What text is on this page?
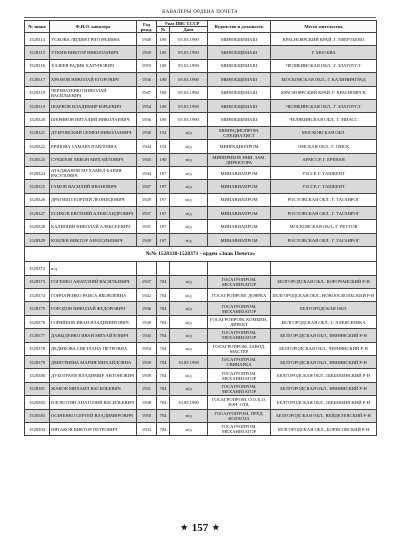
КАВАЛЕРЫ ОРДЕНА ПОЧЕТА
№ знака	Ф.И.О. кавалера	Год рожд.	Указ ПВС СССР		Ведомство и должность	Место жительства
			№	Дата		
1528314	УСКОВА ЛИДИЯ ГРИГОРЬЕВНА	1940	100	05.03.1990	МИНОБЩЕМАШ	КРАСНОЯРСКИЙ КРАЙ, Г. ЕВЕРТЬЕВО
1528315	УТКИН ВИКТОР НИКОЛАЕВИЧ	1939	100	05.03.1990	МИНОБЩЕМАШ	Г. МОСКВА
1528316	ХАЗЕЕВ РАДИК ХАРУНОВИЧ	1955	100	05.03.1990	МИНОБЩЕМАШ	ЧЕЛЯБИНСКАЯ ОБЛ., Г. ЗЛАТОУСТ
1528317	ХРАМОВ НИКОЛАЙ ЕГОРОВИЧ	1936	100	05.03.1990	МИНОБЩЕМАШ	МОСКОВСКАЯ ОБЛ., Г. КАЛИНИНГРАД
1528318	ЧЕРЕВАТЕНКО НИКОЛАЙ ВАСИЛЬЕВИЧ	1947	100	05.03.1990	МИНОБЩЕМАШ	КРАСНОЯРСКИЙ КРАЙ, Г. КРАСНОЯРСК
1528319	ШАРКОВ ВЛАДИМИР ЮРЬЕВИЧ	1954	100	05.03.1990	МИНОБЩЕМАШ	ЧЕЛЯБИНСКАЯ ОБЛ., Г. ЗЛАТОУСТ
1528320	ШЕРИНОВ ВИТАЛИЙ НИКОЛАЕВИЧ	1936	100	05.03.1990	МИНОБЩЕМАШ	ЧЕЛЯБИНСКАЯ ОБЛ., Г. МИАСС
1528321	ДУБРОВСКИЙ СЕМЕН НИКОЛАЕВИЧ	1930	154	н/д	МИНРАДИОПРОМ, СПЕЦИАЛИСТ	МОСКОВСКАЯ ОБЛ.
1528322	ЕРШОВА ТАМАРА ПАВЛОВНА	1944	154	н/д	МИНРАДИОПРОМ	ОМСКАЯ ОБЛ., Г. ОМСК
1528323	СУКИЗОВ ЛЕВОН МИХАЙЛОВИЧ	1945	190	н/д	МИНПРИБОР, НИИ, ЗАМ. ДИРЕКТОРА	АРМССР, Г. ЕРЕВАН
1528324	АТАДЖАНОВ МУХАМЕД-БАРИЯ РАСУЛОВИЧ	1944	197	н/д	МИНАВИАПРОМ	УЗССР, Г. ТАШКЕНТ
1528325	ГАМОВ ВАСИЛИЙ ИВАНОВИЧ	1947	197	н/д	МИНАВИАПРОМ	УЗССР, Г. ТАШКЕНТ
1528326	ДРАГИШ ГЕОРГИЙ ЛЕОНИДОВИЧ	1929	197	н/д	МИНАВИАПРОМ	РОСТОВСКАЯ ОБЛ., Г. ТАГАНРОГ
1528327	ЕСИКОВ ЕВГЕНИЙ АЛЕКСАНДРОВИЧ	1937	197	н/д	МИНАВИАПРОМ	РОСТОВСКАЯ ОБЛ., Г. ТАГАНРОГ
1528328	КАЛИШИН НИКОЛАЙ АЛЕКСЕЕВИЧ	1931	197	н/д	МИНАВИАПРОМ	МОСКОВСКАЯ ОБЛ., Г. РЕУТОВ
1528329	КОБЛЕВ ВИКТОР АНАТОЛЬЕВИЧ	1949	197	н/д	МИНАВИАПРОМ	РОСТОВСКАЯ ОБЛ., Г. ТАГАНРОГ
№№ 1528330-1528371 - орден «Знак Почета»						
1528372	н/д					
1528373	ГОГЕНКО АНАТОЛИЙ ВАСИЛЬЕВИЧ	1937	704	н/д	ГОСАГРОПРОМ, МЕХАНИЗАТОР	БЕЛГОРОДСКАЯ ОБЛ., КОРОЧАНСКИЙ Р-Н
1528374	ГОНЧАРЕНКО РАИСА ЯКОВЛЕВНА	1942	704	н/д	ГОСАГРОПРОМ, ДОЯРКА	БЕЛГОРОДСКАЯ ОБЛ., НОВООСКОЛЬСКИЙ Р-Н
1528375	ГОРОДОВ НИКОЛАЙ ФЕДОРОВИЧ	1936	704	н/д	ГОСАГРОПРОМ, МЕХАНИЗАТОР	БЕЛГОРОДСКАЯ ОБЛ.
1528376	ГОРЯЙНОВ ИВАН ВЛАДИМИРОВИЧ	1949	704	н/д	ГОСАГРОПРОМ, КОМБИН., ДИРЕКТ	БЕЛГОРОДСКАЯ ОБЛ., Г. АЛЕКСЕЕВКА
1528377	ДАВЫДЕНКО ИВАН МИХАЙЛОВИЧ	1944	704	н/д	ГОСАГРОПРОМ, МЕХАНИЗАТОР	БЕЛГОРОДСКАЯ ОБЛ., ИВНЯНСКИЙ Р-Н
1528378	ДЕДИКОВА СВЕТЛАНА ПЕТРОВНА	1954	704	н/д	ГОСАГРОПРОМ, ЗАВОД, МАСТЕР	БЕЛГОРОДСКАЯ ОБЛ., ЧЕРНЯНСКИЙ Р-Н
1528379	ДМИТРИЕВА МАРИЯ МИХАЙЛОВНА	1939	704	10.09.1990	ГОСАГРОПРОМ, СВИНАРКА	БЕЛГОРОДСКАЯ ОБЛ., ИВНЯНСКИЙ Р-Н
1528380	ДУБОГРАЕВ ВЛАДИМИР АНТОНОВИЧ	1939	704	н/д	ГОСАГРОПРОМ, МЕХАНИЗАТОР	БЕЛГОРОДСКАЯ ОБЛ., ШЕБЕКИНСКИЙ Р-Н
1528381	ЖАКОВ МИХАИЛ ВАСИЛЬЕВИЧ	1931	704	н/д	ГОСАГРОПРОМ, МЕХАНИЗАТОР	БЕЛГОРОДСКАЯ ОБЛ., ИВНЯНСКИЙ Р-Н
1528382	ПЛОХОТИН АНАТОЛИЙ ВАСИЛЬЕВИЧ	1938	704	10.09.1990	ГОСАГРОПРОМ, О.О.Х.О, НАЧ. ОТД.	БЕЛГОРОДСКАЯ ОБЛ., ШЕБЕКИНСКИЙ Р-Н
1528383	ОСЬЧЕНКО СЕРГЕЙ ВЛАДИМИРОВИЧ	1958	704	н/д	ГОСАГРОПРОМ, ПРЕД. КОЛХОЗА	БЕЛГОРОДСКАЯ ОБЛ., ВЕЙДЕЛЕВСКИЙ Р-Н
1528384	ПЯТАКОВ ВИКТОР ПЕТРОВИЧ	1933	704	н/д	ГОСАГРОПРОМ, МЕХАНИЗАТОР	БЕЛГОРОДСКАЯ ОБЛ., БОРИСОВСКИЙ Р-Н
★ 157 ★
